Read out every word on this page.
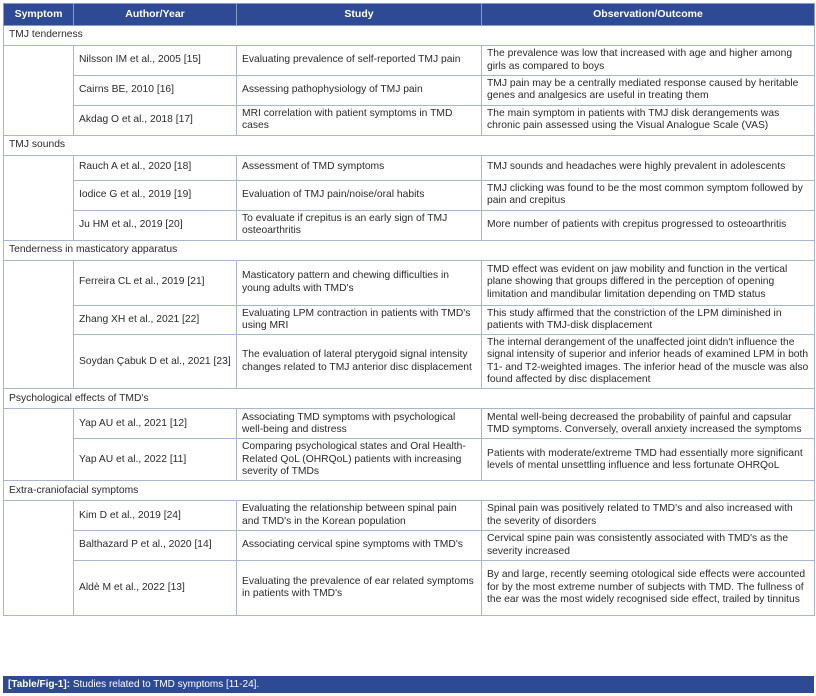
Symptom	Author/Year	Study	Observation/Outcome
TMJ tenderness			
	Nilsson IM et al., 2005 [15]	Evaluating prevalence of self-reported TMJ pain	The prevalence was low that increased with age and higher among girls as compared to boys
	Cairns BE, 2010 [16]	Assessing pathophysiology of TMJ pain	TMJ pain may be a centrally mediated response caused by heritable genes and analgesics are useful in treating them
	Akdag O et al., 2018 [17]	MRI correlation with patient symptoms in TMD cases	The main symptom in patients with TMJ disk derangements was chronic pain assessed using the Visual Analogue Scale (VAS)
TMJ sounds			
	Rauch A et al., 2020 [18]	Assessment of TMD symptoms	TMJ sounds and headaches were highly prevalent in adolescents
	Iodice G et al., 2019 [19]	Evaluation of TMJ pain/noise/oral habits	TMJ clicking was found to be the most common symptom followed by pain and crepitus
	Ju HM et al., 2019 [20]	To evaluate if crepitus is an early sign of TMJ osteoarthritis	More number of patients with crepitus progressed to osteoarthritis
Tenderness in masticatory apparatus			
	Ferreira CL et al., 2019 [21]	Masticatory pattern and chewing difficulties in young adults with TMD's	TMD effect was evident on jaw mobility and function in the vertical plane showing that groups differed in the perception of opening limitation and mandibular limitation depending on TMD status
	Zhang XH et al., 2021 [22]	Evaluating LPM contraction in patients with TMD's using MRI	This study affirmed that the constriction of the LPM diminished in patients with TMJ-disk displacement
	Soydan Çabuk D et al., 2021 [23]	The evaluation of lateral pterygoid signal intensity changes related to TMJ anterior disc displacement	The internal derangement of the unaffected joint didn't influence the signal intensity of superior and inferior heads of examined LPM in both T1- and T2-weighted images. The inferior head of the muscle was also found affected by disc displacement
Psychological effects of TMD's			
	Yap AU et al., 2021 [12]	Associating TMD symptoms with psychological well-being and distress	Mental well-being decreased the probability of painful and capsular TMD symptoms. Conversely, overall anxiety increased the symptoms
	Yap AU et al., 2022 [11]	Comparing psychological states and Oral Health-Related QoL (OHRQoL) patients with increasing severity of TMDs	Patients with moderate/extreme TMD had essentially more significant levels of mental unsettling influence and less fortunate OHRQoL
Extra-craniofacial symptoms			
	Kim D et al., 2019 [24]	Evaluating the relationship between spinal pain and TMD's in the Korean population	Spinal pain was positively related to TMD's and also increased with the severity of disorders
	Balthazard P et al., 2020 [14]	Associating cervical spine symptoms with TMD's	Cervical spine pain was consistently associated with TMD's as the severity increased
	Aldè M et al., 2022 [13]	Evaluating the prevalence of ear related symptoms in patients with TMD's	By and large, recently seeming otological side effects were accounted for by the most extreme number of subjects with TMD. The fullness of the ear was the most widely recognised side effect, trailed by tinnitus
[Table/Fig-1]: Studies related to TMD symptoms [11-24].
